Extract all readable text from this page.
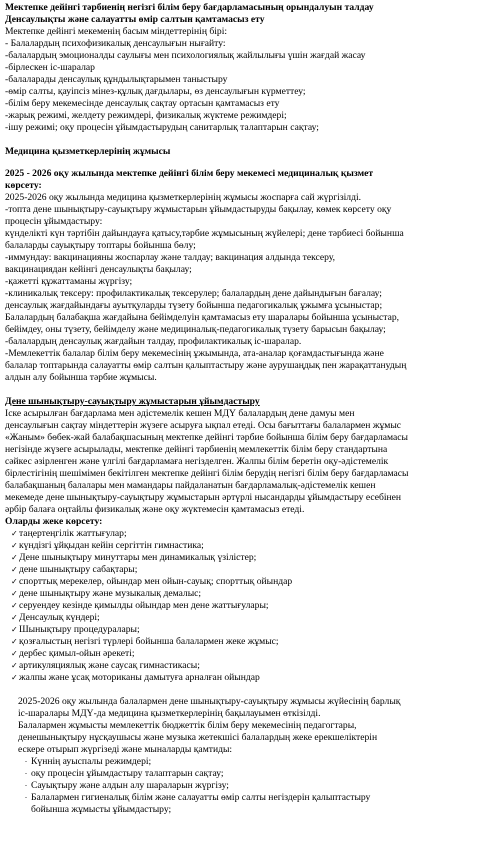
Мектепке дейінгі тәрбиенің негізгі білім беру бағдарламасының орындалуын талдау
Денсаулықты және салауатты өмір салтын қамтамасыз ету
Мектепке дейінгі мекеменің басым міндеттерінің бірі:
- Балалардың психофизикалық денсаулығын нығайту:
-балалардың эмоционалды саулығы мен психологиялық жайлылығы үшін жағдай жасау
-бірлескен іс-шаралар
-балаларады денсаулық құндылықтарымен таныстыру
-өмір салты, қауіпсіз мінез-құлық дағдылары, өз денсаулығын күрметтеу;
-білім беру мекемесінде денсаулық сақтау ортасын қамтамасыз ету
-жарық режимі, желдету режимдері, физикалық жүктеме режимдері;
-ішу режимі; оқу процесін ұйымдастырудың санитарлық талаптарын сақтау;
Медицина қызметкерлерінің жұмысы
2025 - 2026 оқу жылында мектепке дейінгі білім беру мекемесі медициналық қызмет
көрсету:
2025-2026 оқу жылында медицина қызметкерлерінің жұмысы жоспарға сай жүргізілді.
-топта дене шынықтыру-сауықтыру жұмыстарын ұйымдастыруды бақылау, көмек көрсету оқу
процесін ұйымдастыру:
күнделікті күн тәртібін дайындауға қатысу,тәрбие жұмысының жүйелері; дене тәрбиесі бойынша
балаларды сауықтыру топтары бойынша бөлу;
-иммундау: вакцинацияны жоспарлау және талдау; вакцинация алдында тексеру,
вакцинациядан кейінгі денсаулықты бақылау;
-қажетті құжаттаманы жүргізу;
-клиникалық тексеру: профилактикалық тексерулер; балалардың дене дайындығын бағалау;
денсаулық жағдайындағы ауытқуларды түзету бойынша педагогикалық ұжымға ұсыныстар;
Балалардың балабақша жағдайына бейімделуін қамтамасыз ету шаралары бойынша ұсыныстар,
бейімдеу, оны түзету, бейімделу және медициналық-педагогикалық түзету барысын бақылау;
-балалардың денсаулық жағдайын талдау, профилактикалық іс-шаралар.
-Мемлекеттік балалар білім беру мекемесінің ұжымында, ата-аналар қоғамдастығында және
балалар топтарында салауатты өмір салтын қалыптастыру және аурушаңдық пен жарақаттанудың
алдын алу бойынша тәрбие жұмысы.
Дене шынықтыру-сауықтыру жұмыстарын ұйымдастыру
Іске асырылған бағдарлама мен әдістемелік кешен МДҮ балалардың дене дамуы мен
денсаулығын сақтау міндеттерін жүзеге асыруға ықпал етеді. Осы бағыттағы балалармен жұмыс
«Жаным» бөбек-жай балабақшасының мектепке дейінгі тәрбие бойынша білім беру бағдарламасы
негізінде жүзеге асырылады, мектепке дейінгі тәрбиенің мемлекеттік білім беру стандартына
сәйкес әзірленген және үлгілі бағдарламаға негізделген. Жалпы білім беретін оқу-әдістемелік
бірлестігінің шешімімен бекітілген мектепке дейінгі білім берудің негізгі білім беру бағдарламасы
балабақшаның балалары мен мамандары пайдаланатын бағдарламалық-әдістемелік кешен
мекемеде дене шынықтыру-сауықтыру жұмыстарын әртүрлі нысандарды ұйымдастыру есебінен
әрбір балаға оңтайлы физикалық және оқу жүктемесін қамтамасыз етеді.
Оларды жеке көрсету:
✓таңертеңгілік жаттығулар;
✓күндізгі ұйқыдан кейін сергіттін гимнастика;
✓Дене шынықтыру минуттары мен динамикалық үзілістер;
✓дене шынықтыру сабақтары;
✓спорттық мерекелер, ойындар мен ойын-сауық; спорттық ойындар
✓дене шынықтыру және музыкалық демалыс;
✓серуендеу кезінде қимылды ойындар мен дене жаттығулары;
✓Денсаулық күндері;
✓Шынықтыру процедуралары;
✓қозғалыстың негізгі түрлері бойынша балалармен жеке жұмыс;
✓дербес қимыл-ойын әрекеті;
✓артикуляциялық және саусақ гимнастикасы;
✓жалпы және ұсақ моториканы дамытуға арналған ойындар
2025-2026 оқу жылында балалармен дене шынықтыру-сауықтыру жұмысы жүйесінің барлық
іс-шаралары МДҮ-да медицина қызметкерлерінің бақылауымен өткізілді.
Балалармен жұмысты мемлекеттік бюджеттік білім беру мекемесінің педагогтары,
денешынықтыру нұсқаушысы және музыка жетекшісі балалардың жеке ерекшеліктерін
ескере отырып жүргізеді және мыналарды қамтиды:
- Күннің ауыспалы режимдері;
- оқу процесін ұйымдастыру талаптарын сақтау;
- Сауықтыру және алдын алу шараларын жүргізу;
- Балалармен гигиеналық білім және салауатты өмір салты негіздерін қалыптастыру
бойынша жұмысты ұйымдастыру;
